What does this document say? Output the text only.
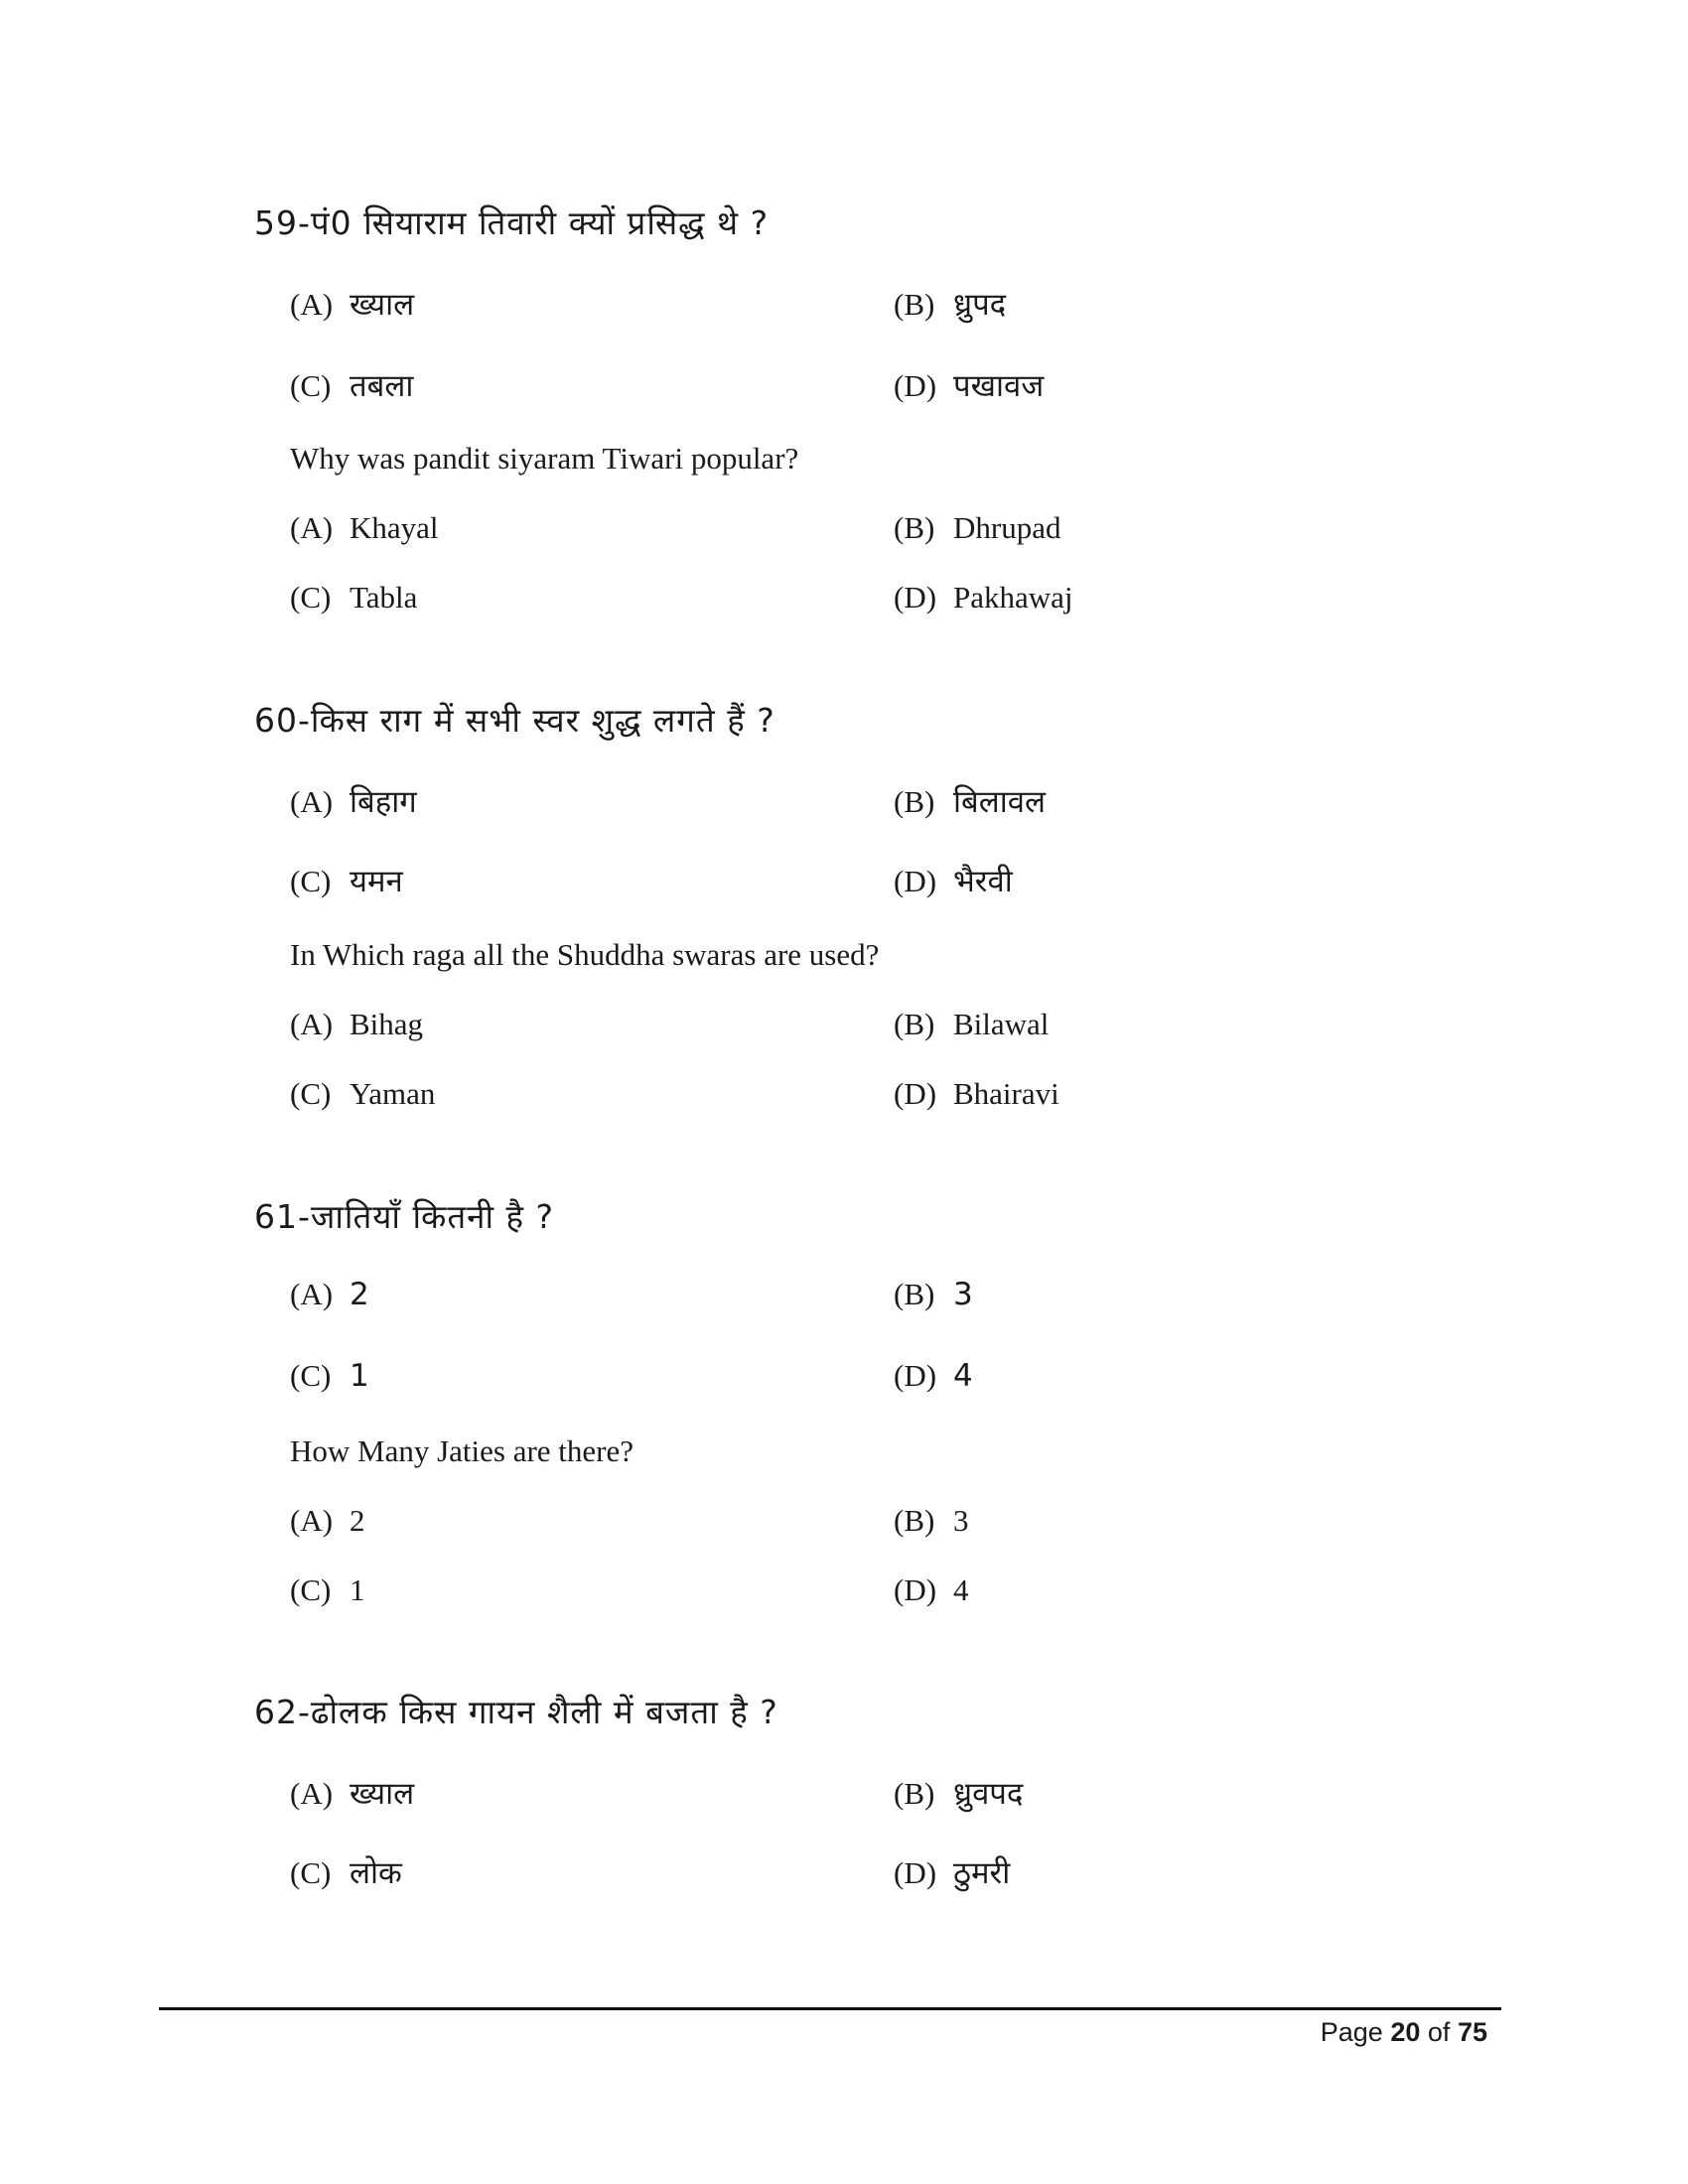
59-पं0 सियाराम तिवारी क्यों प्रसिद्ध थे ?
(A) ख्याल	(B) ध्रुपद
(C) तबला	(D) पखावज
Why was pandit siyaram Tiwari popular?
(A) Khayal	(B) Dhrupad
(C) Tabla	(D) Pakhawaj
60-किस राग में सभी स्वर शुद्ध लगते हैं ?
(A) बिहाग	(B) बिलावल
(C) यमन	(D) भैरवी
In Which raga all the Shuddha swaras are used?
(A) Bihag	(B) Bilawal
(C) Yaman	(D) Bhairavi
61-जातियाँ कितनी है ?
(A) 2	(B) 3
(C) 1	(D) 4
How Many Jaties are there?
(A) 2	(B) 3
(C) 1	(D) 4
62-ढोलक किस गायन शैली में बजता है ?
(A) ख्याल	(B) ध्रुवपद
(C) लोक	(D) ठुमरी
Page 20 of 75
